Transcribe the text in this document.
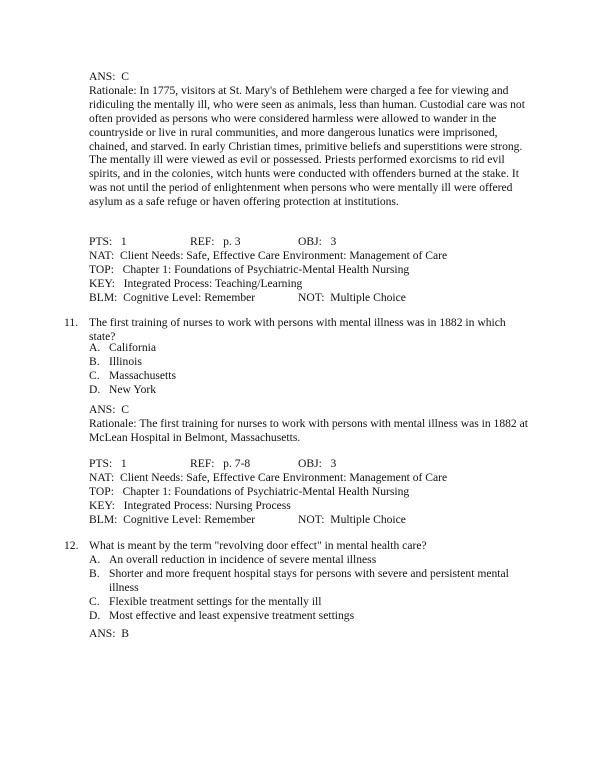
ANS:  C
Rationale: In 1775, visitors at St. Mary's of Bethlehem were charged a fee for viewing and ridiculing the mentally ill, who were seen as animals, less than human. Custodial care was not often provided as persons who were considered harmless were allowed to wander in the countryside or live in rural communities, and more dangerous lunatics were imprisoned, chained, and starved. In early Christian times, primitive beliefs and superstitions were strong. The mentally ill were viewed as evil or possessed. Priests performed exorcisms to rid evil spirits, and in the colonies, witch hunts were conducted with offenders burned at the stake. It was not until the period of enlightenment when persons who were mentally ill were offered asylum as a safe refuge or haven offering protection at institutions.
PTS:   1	REF:   p. 3	OBJ:   3
NAT:  Client Needs: Safe, Effective Care Environment: Management of Care
TOP:   Chapter 1: Foundations of Psychiatric-Mental Health Nursing
KEY:   Integrated Process: Teaching/Learning
BLM:  Cognitive Level: Remember	NOT:  Multiple Choice
11. The first training of nurses to work with persons with mental illness was in 1882 in which state?
A. California
B. Illinois
C. Massachusetts
D. New York
ANS:  C
Rationale: The first training for nurses to work with persons with mental illness was in 1882 at McLean Hospital in Belmont, Massachusetts.
PTS:   1	REF:   p. 7-8	OBJ:   3
NAT:  Client Needs: Safe, Effective Care Environment: Management of Care
TOP:   Chapter 1: Foundations of Psychiatric-Mental Health Nursing
KEY:   Integrated Process: Nursing Process
BLM:  Cognitive Level: Remember	NOT:  Multiple Choice
12. What is meant by the term "revolving door effect" in mental health care?
A. An overall reduction in incidence of severe mental illness
B. Shorter and more frequent hospital stays for persons with severe and persistent mental illness
C. Flexible treatment settings for the mentally ill
D. Most effective and least expensive treatment settings
ANS:  B
